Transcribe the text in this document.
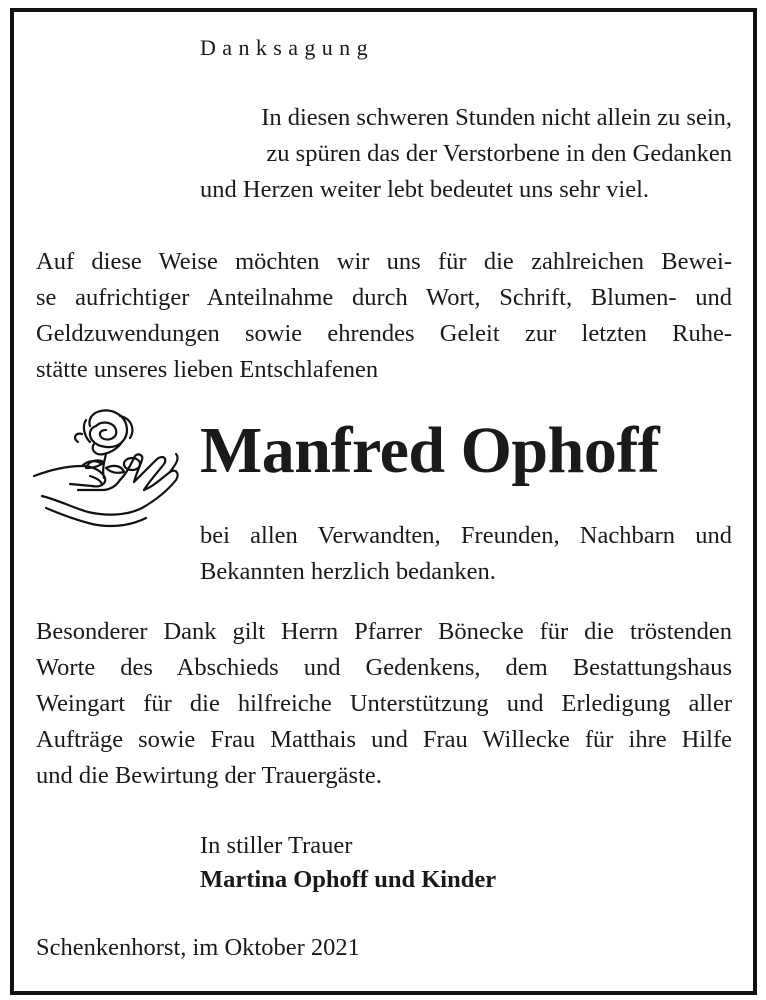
Danksagung
In diesen schweren Stunden nicht allein zu sein,
zu spüren das der Verstorbene in den Gedanken
und Herzen weiter lebt bedeutet uns sehr viel.
Auf diese Weise möchten wir uns für die zahlreichen Bewei-
se aufrichtiger Anteilnahme durch Wort, Schrift, Blumen- und
Geldzuwendungen sowie ehrendes Geleit zur letzten Ruhe-
stätte unseres lieben Entschlafenen
Manfred Ophoff
bei allen Verwandten, Freunden, Nachbarn und
Bekannten herzlich bedanken.
Besonderer Dank gilt Herrn Pfarrer Bönecke für die tröstenden
Worte des Abschieds und Gedenkens, dem Bestattungshaus
Weingart für die hilfreiche Unterstützung und Erledigung aller
Aufträge sowie Frau Matthais und Frau Willecke für ihre Hilfe
und die Bewirtung der Trauergäste.
In stiller Trauer
Martina Ophoff und Kinder
Schenkenhorst, im Oktober 2021
